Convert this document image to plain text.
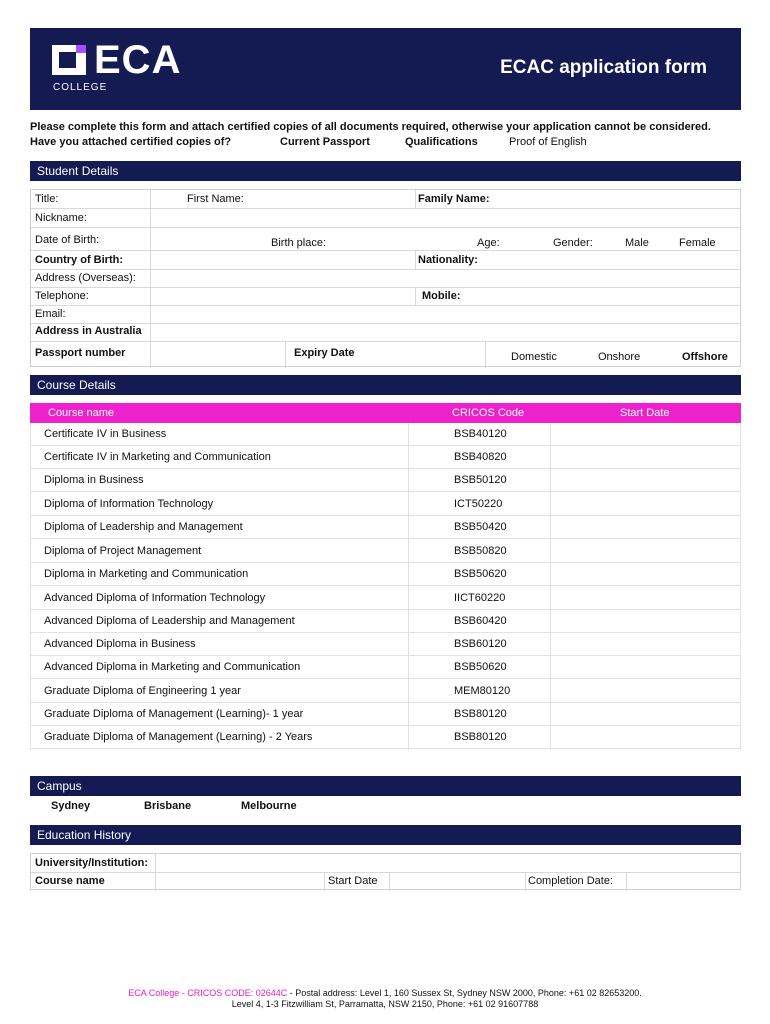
ECA
COLLEGE
ECAC application form
Please complete this form and attach certified copies of all documents required, otherwise your application cannot be considered.
Have you attached certified copies of?	Current Passport	Qualifications	Proof of English
Student Details
Title:	First Name:	Family Name:
Nickname:
Date of Birth:	Birth place:	Age:	Gender:	Male	Female
Country of Birth:	Nationality:
Address (Overseas):
Telephone:	Mobile:
Email:
Address in Australia
Passport number	Expiry Date	Domestic	Onshore	Offshore
Course Details
Course name	CRICOS Code	Start Date
Certificate IV in Business	BSB40120
Certificate IV in Marketing and Communication	BSB40820
Diploma in Business	BSB50120
Diploma of Information Technology	ICT50220
Diploma of Leadership and Management	BSB50420
Diploma of Project Management	BSB50820
Diploma in Marketing and Communication	BSB50620
Advanced Diploma of Information Technology	IICT60220
Advanced Diploma of Leadership and Management	BSB60420
Advanced Diploma in Business	BSB60120
Advanced Diploma in Marketing and Communication	BSB50620
Graduate Diploma of Engineering 1 year	MEM80120
Graduate Diploma of Management (Learning)- 1 year	BSB80120
Graduate Diploma of Management (Learning) - 2 Years	BSB80120
Campus
Sydney	Brisbane	Melbourne
Education History
University/Institution:
Course name	Start Date	Completion Date:
ECA College - CRICOS CODE: 02644C - Postal address: Level 1, 160 Sussex St, Sydney NSW 2000, Phone: +61 02 82653200.
Level 4, 1-3 Fitzwilliam St, Parramatta, NSW 2150, Phone: +61 02 91607788
